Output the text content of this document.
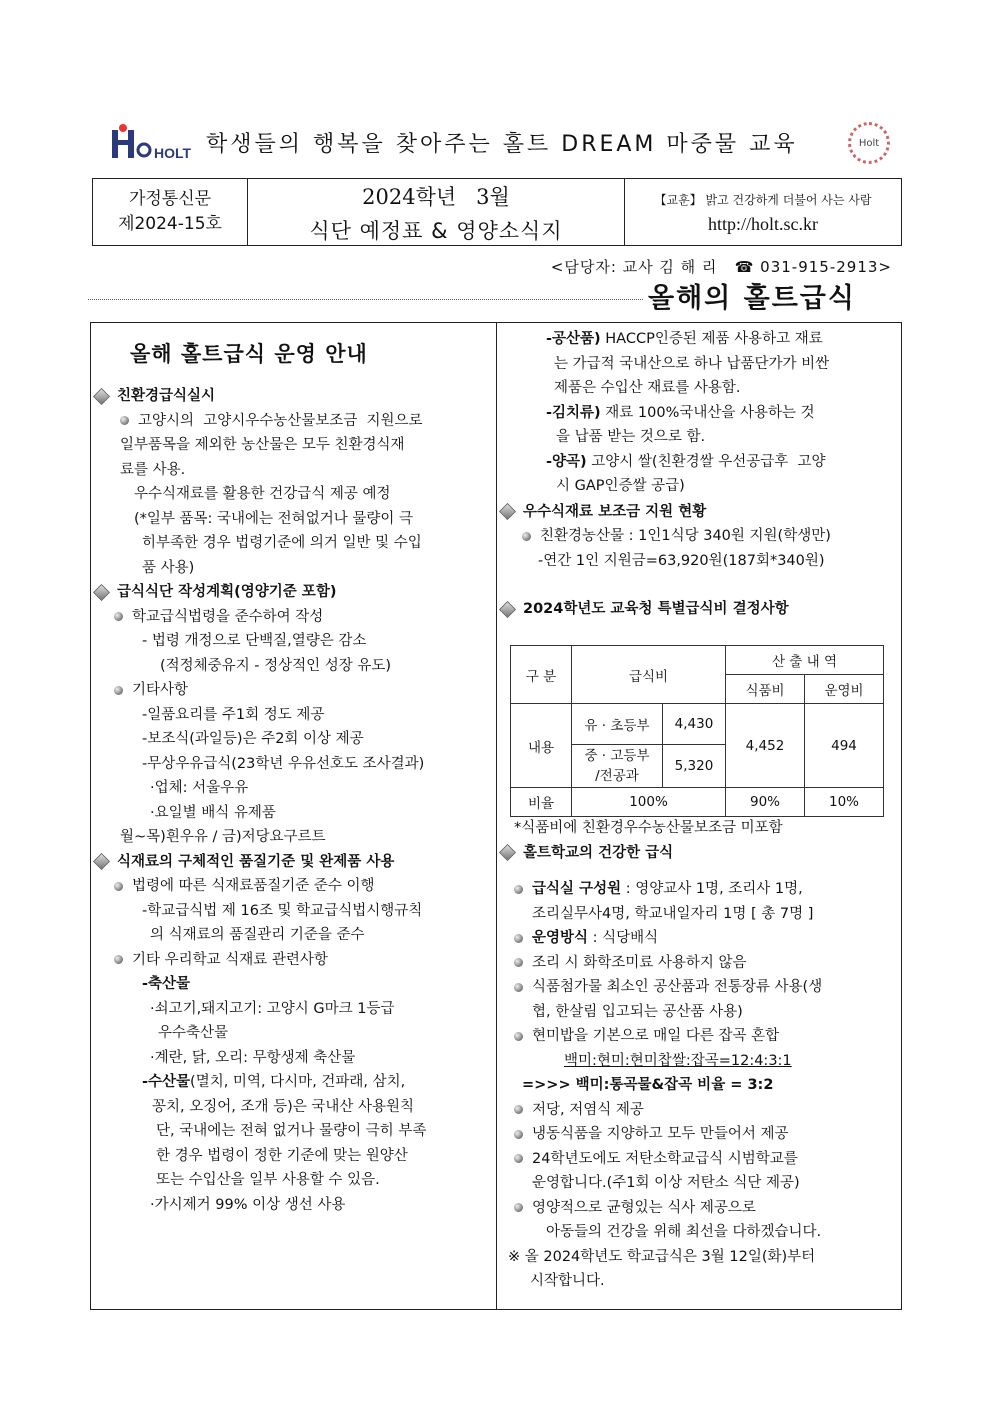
HOLT 학생들의 행복을 찾아주는 홀트 DREAM 마중물 교육	Holt
가정통신문
제2024-15호
2024학년   3월
식단 예정표 & 영양소식지
【교훈】 밝고 건강하게 더불어 사는 사람
http://holt.sc.kr
<담당자: 교사 김 해 리   ☎ 031-915-2913>
올해의 홀트급식
올해 홀트급식 운영 안내

친환경급식실시

고양시의  고양시우수농산물보조금  지원으로

일부품목을 제외한 농산물은 모두 친환경식재

료를 사용.

우수식재료를 활용한 건강급식 제공 예정

(*일부 품목: 국내에는 전혀없거나 물량이 극

히부족한 경우 법령기준에 의거 일반 및 수입

품 사용)

급식식단 작성계획(영양기준 포함)

학교급식법령을 준수하여 작성

- 법령 개정으로 단백질,열량은 감소

(적정체중유지 - 정상적인 성장 유도)

기타사항

-일품요리를 주1회 정도 제공

-보조식(과일등)은 주2회 이상 제공

-무상우유급식(23학년 우유선호도 조사결과)

·업체: 서울우유

·요일별 배식 유제품

월~목)흰우유 / 금)저당요구르트

식재료의 구체적인 품질기준 및 완제품 사용

법령에 따른 식재료품질기준 준수 이행

-학교급식법 제 16조 및 학교급식법시행규칙

의 식재료의 품질관리 기준을 준수

기타 우리학교 식재료 관련사항

-축산물

·쇠고기,돼지고기: 고양시 G마크 1등급

우수축산물

·계란, 닭, 오리: 무항생제 축산물

-수산물(멸치, 미역, 다시마, 건파래, 삼치,

꽁치, 오징어, 조개 등)은 국내산 사용원칙

단, 국내에는 전혀 없거나 물량이 극히 부족

한 경우 법령이 정한 기준에 맞는 원양산

또는 수입산을 일부 사용할 수 있음.

·가시제거 99% 이상 생선 사용

-공산품) HACCP인증된 제품 사용하고 재료

는 가급적 국내산으로 하나 납품단가가 비싼

제품은 수입산 재료를 사용함.

-김치류) 재료 100%국내산을 사용하는 것

을 납품 받는 것으로 함.

-양곡) 고양시 쌀(친환경쌀 우선공급후  고양

시 GAP인증쌀 공급)

우수식재료 보조금 지원 현황

친환경농산물 : 1인1식당 340원 지원(학생만)

-연간 1인 지원금=63,920원(187회*340원)

2024학년도 교육청 특별급식비 결정사항

구 분	급식비		산 출 내 역	
			식품비	운영비
내용	유 · 초등부	4,430	4,452	494

	중 · 고등부
/전공과	5,320		
비율	100%		90%	10%

*식품비에 친환경우수농산물보조금 미포함

홀트학교의 건강한 급식

급식실 구성원 : 영양교사 1명, 조리사 1명,

조리실무사4명, 학교내일자리 1명 [ 총 7명 ]

운영방식 : 식당배식

조리 시 화학조미료 사용하지 않음

식품첨가물 최소인 공산품과 전통장류 사용(생

협, 한살림 입고되는 공산품 사용)

현미밥을 기본으로 매일 다른 잡곡 혼합

백미:현미:현미찹쌀:잡곡=12:4:3:1

=>>> 백미:통곡물&잡곡 비율 = 3:2

저당, 저염식 제공

냉동식품을 지양하고 모두 만들어서 제공

24학년도에도 저탄소학교급식 시범학교를

운영합니다.(주1회 이상 저탄소 식단 제공)

영양적으로 균형있는 식사 제공으로

아동들의 건강을 위해 최선을 다하겠습니다.

※ 올 2024학년도 학교급식은 3월 12일(화)부터

시작합니다.
